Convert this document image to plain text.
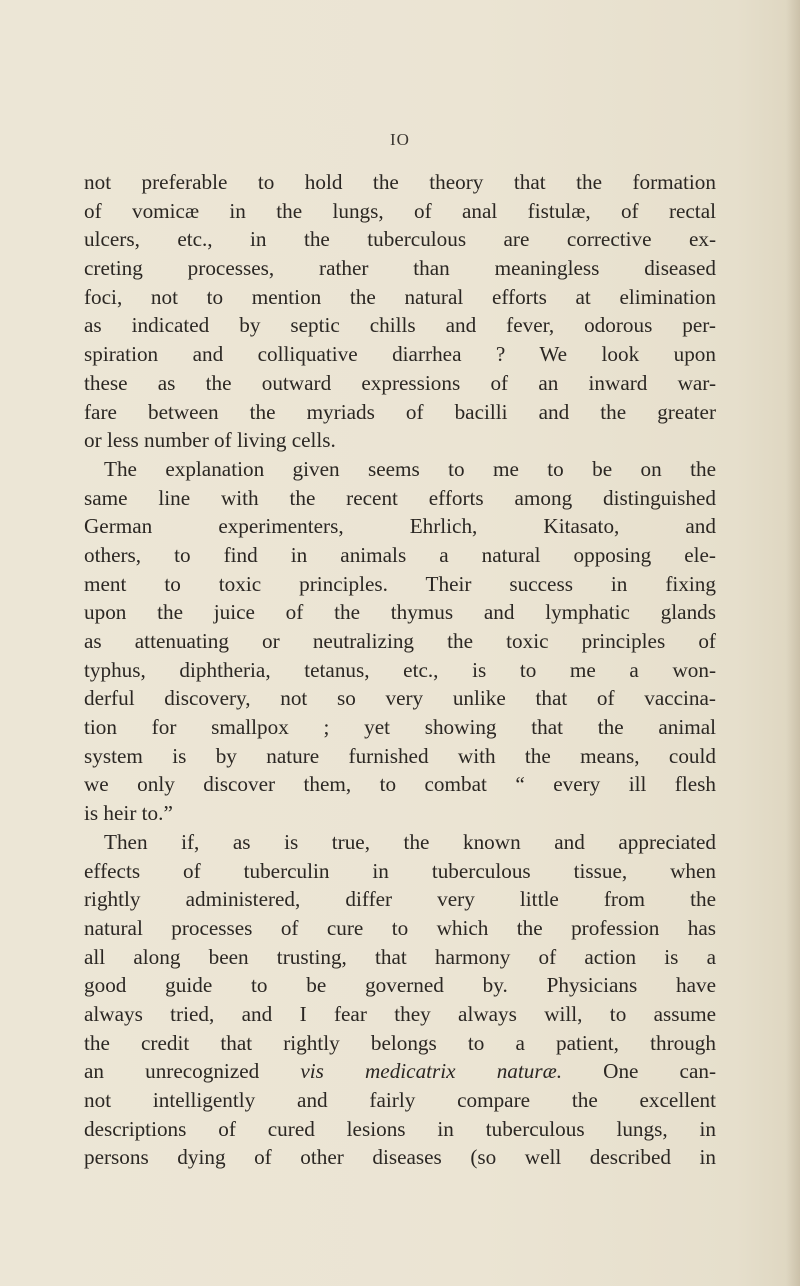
IO
not preferable to hold the theory that the formation
of vomicæ in the lungs, of anal fistulæ, of rectal
ulcers, etc., in the tuberculous are corrective ex-
creting processes, rather than meaningless diseased
foci, not to mention the natural efforts at elimination
as indicated by septic chills and fever, odorous per-
spiration and colliquative diarrhea ? We look upon
these as the outward expressions of an inward war-
fare between the myriads of bacilli and the greater
or less number of living cells.
The explanation given seems to me to be on the
same line with the recent efforts among distinguished
German experimenters, Ehrlich, Kitasato, and
others, to find in animals a natural opposing ele-
ment to toxic principles. Their success in fixing
upon the juice of the thymus and lymphatic glands
as attenuating or neutralizing the toxic principles of
typhus, diphtheria, tetanus, etc., is to me a won-
derful discovery, not so very unlike that of vaccina-
tion for smallpox ; yet showing that the animal
system is by nature furnished with the means, could
we only discover them, to combat “ every ill flesh
is heir to.”
Then if, as is true, the known and appreciated
effects of tuberculin in tuberculous tissue, when
rightly administered, differ very little from the
natural processes of cure to which the profession has
all along been trusting, that harmony of action is a
good guide to be governed by. Physicians have
always tried, and I fear they always will, to assume
the credit that rightly belongs to a patient, through
an unrecognized vis medicatrix naturæ. One can-
not intelligently and fairly compare the excellent
descriptions of cured lesions in tuberculous lungs, in
persons dying of other diseases (so well described in
